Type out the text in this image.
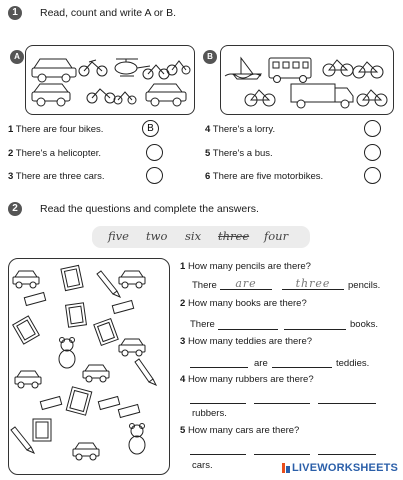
1	Read, count and write A or B.
A	B
1 There are four bikes.
B
2 There's a helicopter.
3 There are three cars.
4 There's a lorry.
5 There's a bus.
6 There are five motorbikes.
2	Read the questions and complete the answers.
five two six three four
1 How many pencils are there?
There	are	three	pencils.
2 How many books are there?
There	books.
3 How many teddies are there?
are	teddies.
4 How many rubbers are there?
rubbers.
5 How many cars are there?
cars.	LIVEWORKSHEETS
